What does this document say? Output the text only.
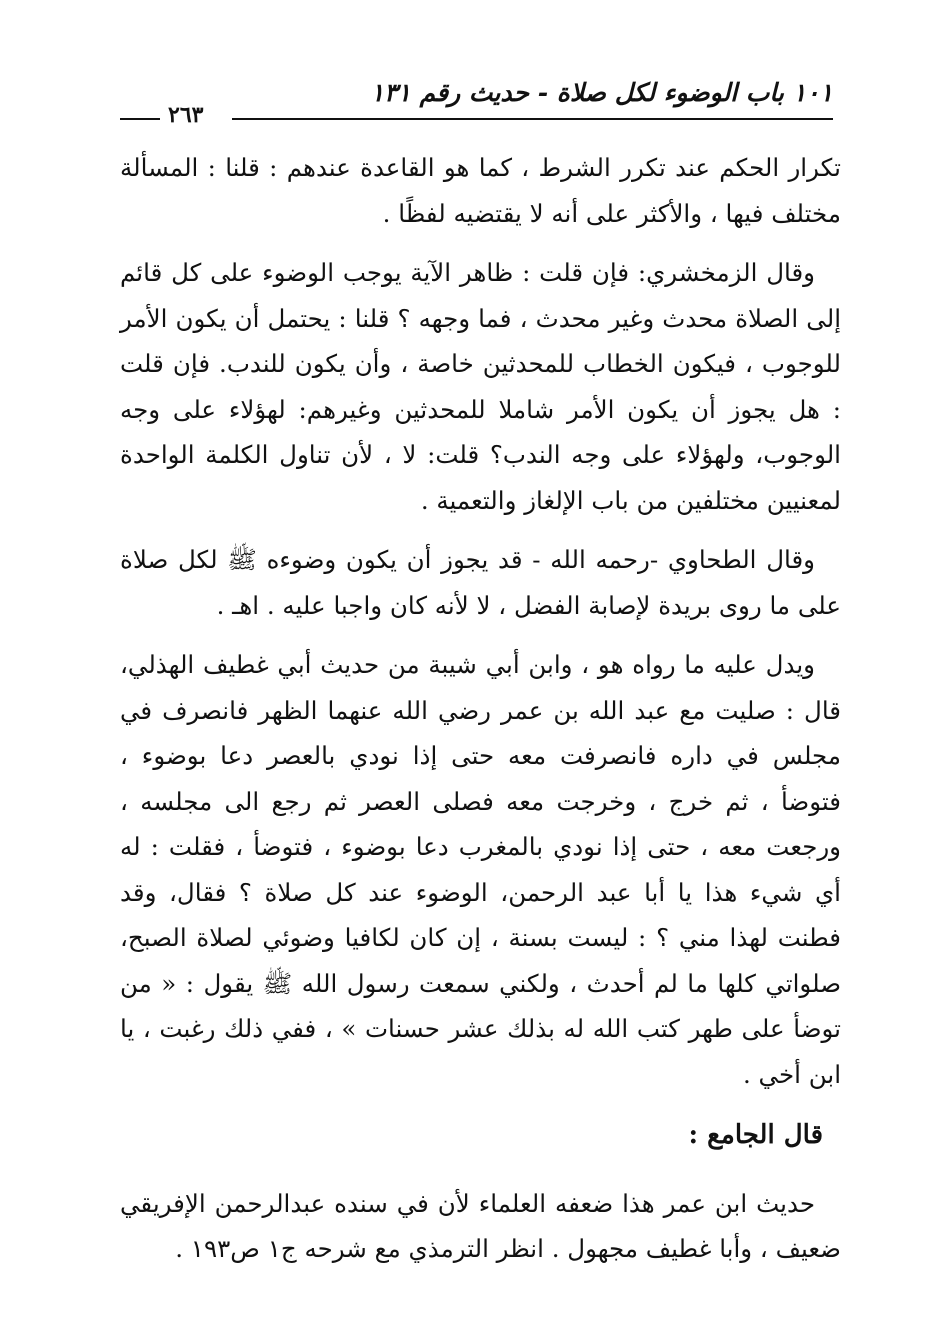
١٠١ باب الوضوء لكل صلاة - حديث رقم ١٣١
٢٦٣

تكرار الحكم عند تكرر الشرط ، كما هو القاعدة عندهم : قلنا : المسألة مختلف فيها ، والأكثر على أنه لا يقتضيه لفظًا .

وقال الزمخشري: فإن قلت : ظاهر الآية يوجب الوضوء على كل قائم إلى الصلاة محدث وغير محدث ، فما وجهه ؟ قلنا : يحتمل أن يكون الأمر للوجوب ، فيكون الخطاب للمحدثين خاصة ، وأن يكون للندب. فإن قلت : هل يجوز أن يكون الأمر شاملا للمحدثين وغيرهم: لهؤلاء على وجه الوجوب، ولهؤلاء على وجه الندب؟ قلت: لا ، لأن تناول الكلمة الواحدة لمعنيين مختلفين من باب الإلغاز والتعمية .

وقال الطحاوي -رحمه الله - قد يجوز أن يكون وضوءه ﷺ لكل صلاة على ما روى بريدة لإصابة الفضل ، لا لأنه كان واجبا عليه . اهـ .

ويدل عليه ما رواه هو ، وابن أبي شيبة من حديث أبي غطيف الهذلي، قال : صليت مع عبد الله بن عمر رضي الله عنهما الظهر فانصرف في مجلس في داره فانصرفت معه حتى إذا نودي بالعصر دعا بوضوء ، فتوضأ ، ثم خرج ، وخرجت معه فصلى العصر ثم رجع الى مجلسه ، ورجعت معه ، حتى إذا نودي بالمغرب دعا بوضوء ، فتوضأ ، فقلت : له أي شيء هذا يا أبا عبد الرحمن، الوضوء عند كل صلاة ؟ فقال، وقد فطنت لهذا مني ؟ : ليست بسنة ، إن كان لكافيا وضوئي لصلاة الصبح، صلواتي كلها ما لم أحدث ، ولكني سمعت رسول الله ﷺ يقول : « من توضأ على طهر كتب الله له بذلك عشر حسنات » ، ففي ذلك رغبت ، يا ابن أخي .

قال الجامع :

حديث ابن عمر هذا ضعفه العلماء لأن في سنده عبدالرحمن الإفريقي ضعيف ، وأبا غطيف مجهول . انظر الترمذي مع شرحه ج١ ص١٩٣ .
